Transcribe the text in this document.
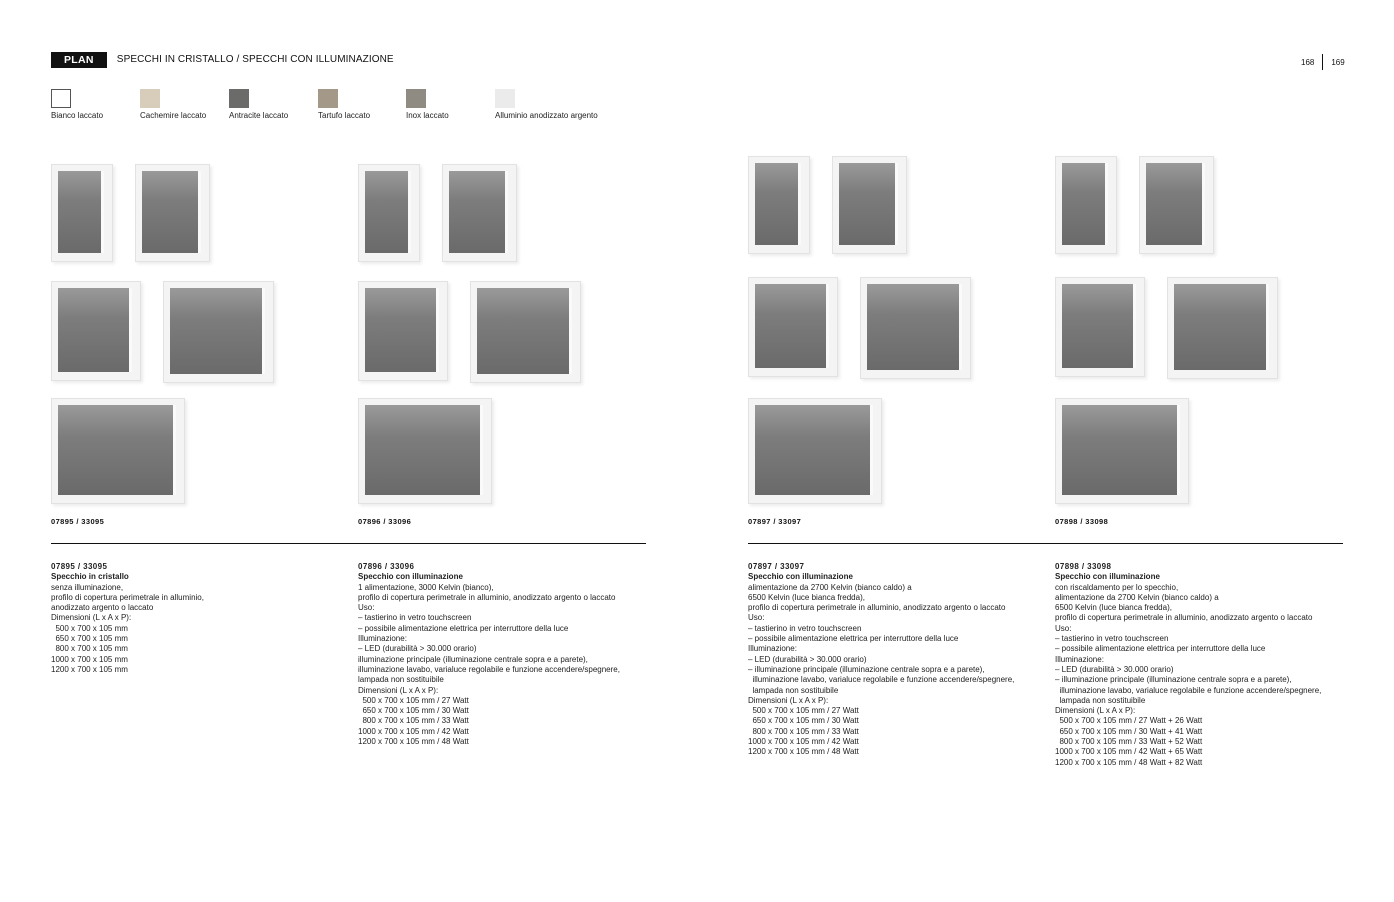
PLAN	SPECCHI IN CRISTALLO / SPECCHI CON ILLUMINAZIONE	168 169
Bianco laccato	Cachemire laccato	Antracite laccato	Tartufo laccato	Inox laccato	Alluminio anodizzato argento
07895 / 33095	07896 / 33096	07897 / 33097	07898 / 33098
07895 / 33095
Specchio in cristallo
senza illuminazione,
profilo di copertura perimetrale in alluminio,
anodizzato argento o laccato
Dimensioni (L x A x P):
500 x 700 x 105 mm
650 x 700 x 105 mm
800 x 700 x 105 mm
1000 x 700 x 105 mm
1200 x 700 x 105 mm
07896 / 33096
Specchio con illuminazione
1 alimentazione, 3000 Kelvin (bianco),
profilo di copertura perimetrale in alluminio, anodizzato argento o laccato
Uso:
– tastierino in vetro touchscreen
– possibile alimentazione elettrica per interruttore della luce
Illuminazione:
– LED (durabilità > 30.000 orario)
illuminazione principale (illuminazione centrale sopra e a parete),
illuminazione lavabo, varialuce regolabile e funzione accendere/spegnere,
lampada non sostituibile
Dimensioni (L x A x P):
500 x 700 x 105 mm / 27 Watt
650 x 700 x 105 mm / 30 Watt
800 x 700 x 105 mm / 33 Watt
1000 x 700 x 105 mm / 42 Watt
1200 x 700 x 105 mm / 48 Watt
07897 / 33097
Specchio con illuminazione
alimentazione da 2700 Kelvin (bianco caldo) a
6500 Kelvin (luce bianca fredda),
profilo di copertura perimetrale in alluminio, anodizzato argento o laccato
Uso:
– tastierino in vetro touchscreen
– possibile alimentazione elettrica per interruttore della luce
Illuminazione:
– LED (durabilità > 30.000 orario)
– illuminazione principale (illuminazione centrale sopra e a parete),
illuminazione lavabo, varialuce regolabile e funzione accendere/spegnere,
lampada non sostituibile
Dimensioni (L x A x P):
500 x 700 x 105 mm / 27 Watt
650 x 700 x 105 mm / 30 Watt
800 x 700 x 105 mm / 33 Watt
1000 x 700 x 105 mm / 42 Watt
1200 x 700 x 105 mm / 48 Watt
07898 / 33098
Specchio con illuminazione
con riscaldamento per lo specchio,
alimentazione da 2700 Kelvin (bianco caldo) a
6500 Kelvin (luce bianca fredda),
profilo di copertura perimetrale in alluminio, anodizzato argento o laccato
Uso:
– tastierino in vetro touchscreen
– possibile alimentazione elettrica per interruttore della luce
Illuminazione:
– LED (durabilità > 30.000 orario)
– illuminazione principale (illuminazione centrale sopra e a parete),
illuminazione lavabo, varialuce regolabile e funzione accendere/spegnere,
lampada non sostituibile
Dimensioni (L x A x P):
500 x 700 x 105 mm / 27 Watt + 26 Watt
650 x 700 x 105 mm / 30 Watt + 41 Watt
800 x 700 x 105 mm / 33 Watt + 52 Watt
1000 x 700 x 105 mm / 42 Watt + 65 Watt
1200 x 700 x 105 mm / 48 Watt + 82 Watt
